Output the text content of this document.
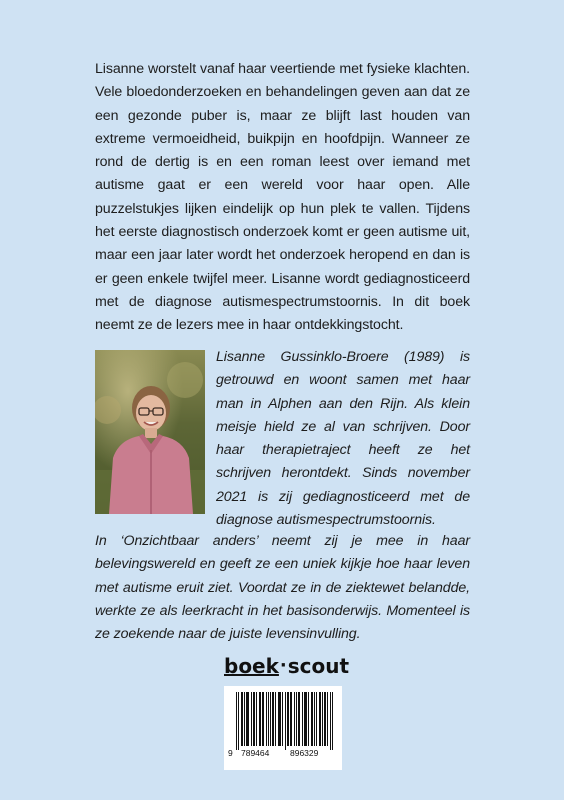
Lisanne worstelt vanaf haar veertiende met fysieke klachten. Vele bloedonderzoeken en behandelingen geven aan dat ze een gezonde puber is, maar ze blijft last houden van extreme vermoeidheid, buikpijn en hoofdpijn. Wanneer ze rond de dertig is en een roman leest over iemand met autisme gaat er een wereld voor haar open. Alle puzzelstukjes lijken eindelijk op hun plek te vallen. Tijdens het eerste diagnostisch onderzoek komt er geen autisme uit, maar een jaar later wordt het onderzoek heropend en dan is er geen enkele twijfel meer. Lisanne wordt gediagnosticeerd met de diagnose autismespectrumstoornis. In dit boek neemt ze de lezers mee in haar ontdekkingstocht.

Lisanne Gussinklo-Broere (1989) is getrouwd en woont samen met haar man in Alphen aan den Rijn. Als klein meisje hield ze al van schrijven. Door haar therapietraject heeft ze het schrijven herontdekt. Sinds november 2021 is zij gediagnosticeerd met de diagnose autismespectrumstoornis.

In ‘Onzichtbaar anders’ neemt zij je mee in haar belevingswereld en geeft ze een uniek kijkje hoe haar leven met autisme eruit ziet. Voordat ze in de ziektewet belandde, werkte ze als leerkracht in het basisonderwijs. Momenteel is ze zoekende naar de juiste levensinvulling.

boek·scout
9 789464 896329
